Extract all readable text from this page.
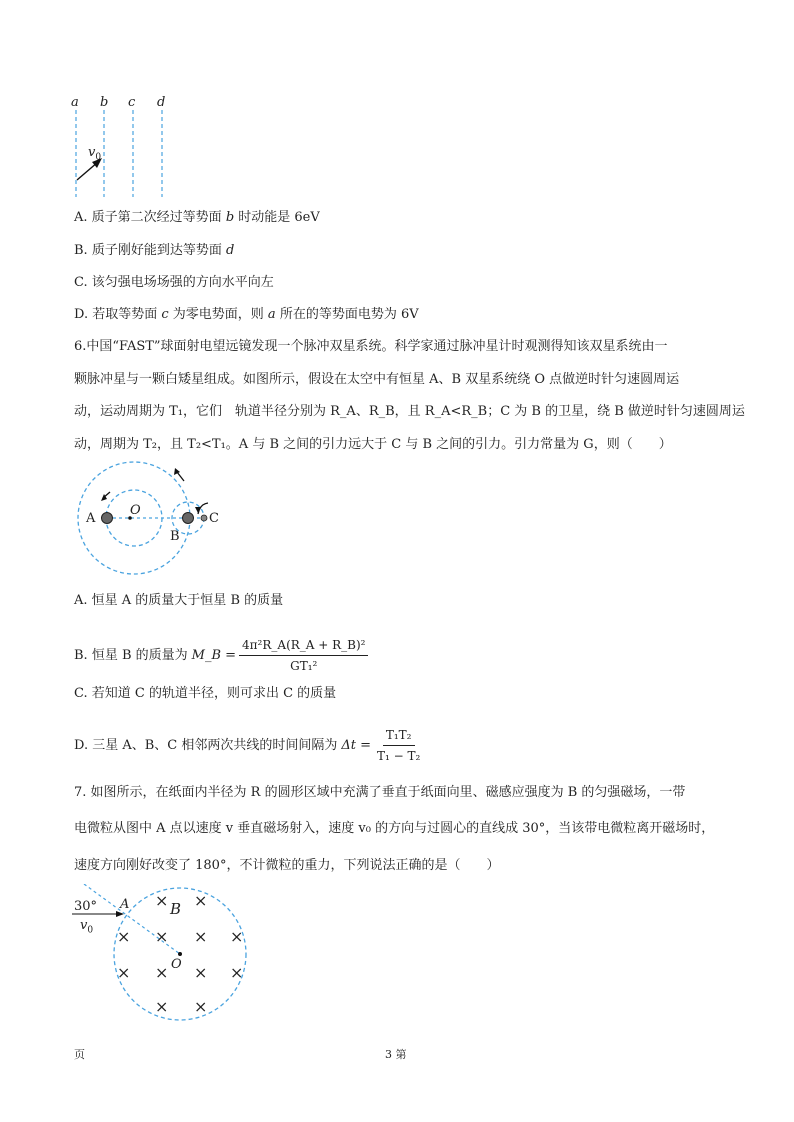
a b c d
$v_0$
A. 质子第二次经过等势面 b 时动能是 6eV
B. 质子刚好能到达等势面 d
C. 该匀强电场场强的方向水平向左
D. 若取等势面 c 为零电势面，则 a 所在的等势面电势为 6V
6.中国“FAST”球面射电望远镜发现一个脉冲双星系统。科学家通过脉冲星计时观测得知该双星系统由一
颗脉冲星与一颗白矮星组成。如图所示，假设在太空中有恒星 A、B 双星系统绕 O 点做逆时针匀速圆周运
动，运动周期为 T₁，它们　轨道半径分别为 R_A、R_B，且 R_A<R_B；C 为 B 的卫星，绕 B 做逆时针匀速圆周运
动，周期为 T₂，且 T₂<T₁。A 与 B 之间的引力远大于 C 与 B 之间的引力。引力常量为 G，则（　　）
A
O
B
C
A. 恒星 A 的质量大于恒星 B 的质量
B. 恒星 B 的质量为 M_B = $\frac{\text{4π²R\_A(R\_A + R\_B)²}}{\text{GT₁²}}$
C. 若知道 C 的轨道半径，则可求出 C 的质量
D. 三星 A、B、C 相邻两次共线的时间间隔为 $\Delta t = \frac{\text{T₁T₂}}{\text{T₁ − T₂}}$
7. 如图所示，在纸面内半径为 R 的圆形区域中充满了垂直于纸面向里、磁感应强度为 B 的匀强磁场，一带
电微粒从图中 A 点以速度 v 垂直磁场射入，速度 v₀ 的方向与过圆心的直线成 30°，当该带电微粒离开磁场时，
速度方向刚好改变了 180°，不计微粒的重力，下列说法正确的是（　　）
30°
$v_0$
A	B
O
× ×
× × × ×
× × × ×
× ×
页	3 第
